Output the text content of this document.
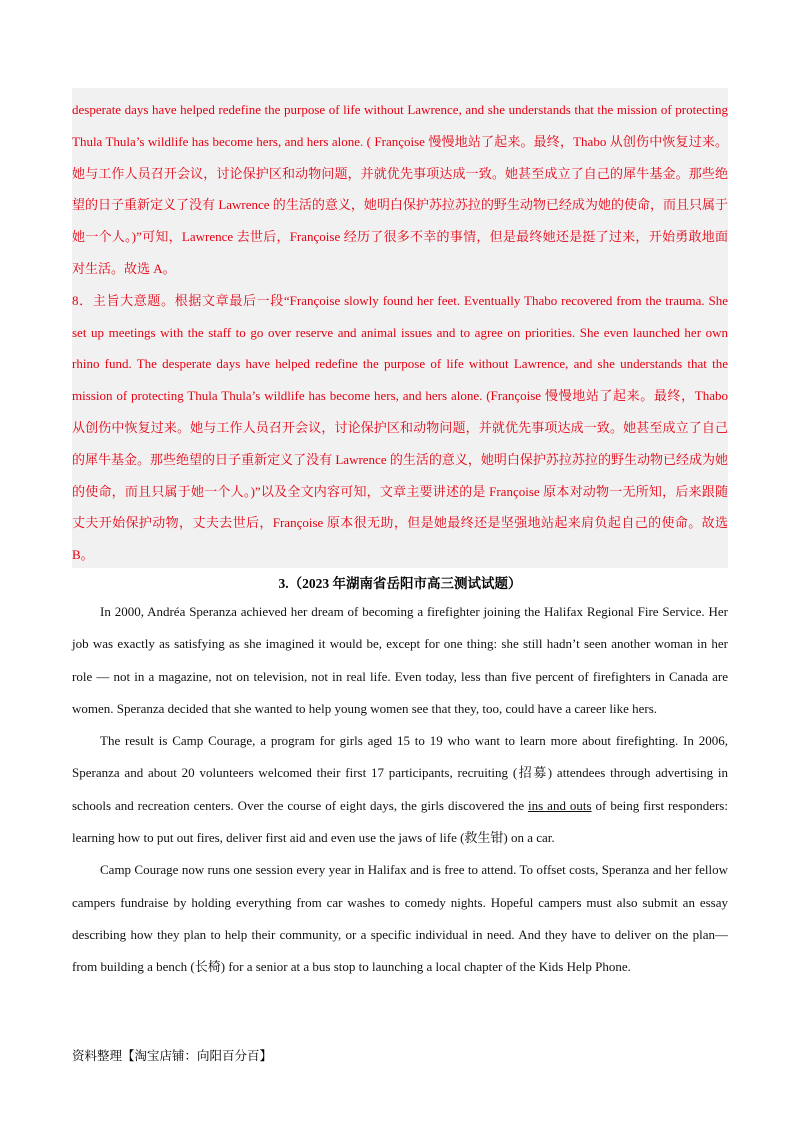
desperate days have helped redefine the purpose of life without Lawrence, and she understands that the mission of protecting Thula Thula’s wildlife has become hers, and hers alone. ( Françoise 慢慢地站了起来。最终，Thabo 从创伤中恢复过来。她与工作人员召开会议，讨论保护区和动物问题，并就优先事项达成一致。她甚至成立了自己的犀牛基金。那些绝望的日子重新定义了没有 Lawrence 的生活的意义，她明白保护苏拉苏拉的野生动物已经成为她的使命，而且只属于她一个人。)”可知，Lawrence 去世后，Françoise 经历了很多不幸的事情，但是最终她还是挺了过来，开始勇敢地面对生活。故选 A。

8．主旨大意题。根据文章最后一段“Françoise slowly found her feet. Eventually Thabo recovered from the trauma. She set up meetings with the staff to go over reserve and animal issues and to agree on priorities. She even launched her own rhino fund. The desperate days have helped redefine the purpose of life without Lawrence, and she understands that the mission of protecting Thula Thula’s wildlife has become hers, and hers alone. (Françoise 慢慢地站了起来。最终，Thabo 从创伤中恢复过来。她与工作人员召开会议，讨论保护区和动物问题，并就优先事项达成一致。她甚至成立了自己的犀牛基金。那些绝望的日子重新定义了没有 Lawrence 的生活的意义，她明白保护苏拉苏拉的野生动物已经成为她的使命，而且只属于她一个人。)”以及全文内容可知，文章主要讲述的是 Françoise 原本对动物一无所知，后来跟随丈夫开始保护动物，丈夫去世后，Françoise 原本很无助，但是她最终还是坚强地站起来肩负起自己的使命。故选 B。

3.（2023 年湖南省岳阳市高三测试试题）

In 2000, Andréa Speranza achieved her dream of becoming a firefighter joining the Halifax Regional Fire Service. Her job was exactly as satisfying as she imagined it would be, except for one thing: she still hadn’t seen another woman in her role — not in a magazine, not on television, not in real life. Even today, less than five percent of firefighters in Canada are women. Speranza decided that she wanted to help young women see that they, too, could have a career like hers.

The result is Camp Courage, a program for girls aged 15 to 19 who want to learn more about firefighting. In 2006, Speranza and about 20 volunteers welcomed their first 17 participants, recruiting (招募) attendees through advertising in schools and recreation centers. Over the course of eight days, the girls discovered the ins and outs of being first responders: learning how to put out fires, deliver first aid and even use the jaws of life (救生钳) on a car.

Camp Courage now runs one session every year in Halifax and is free to attend. To offset costs, Speranza and her fellow campers fundraise by holding everything from car washes to comedy nights. Hopeful campers must also submit an essay describing how they plan to help their community, or a specific individual in need. And they have to deliver on the plan—from building a bench (长椅) for a senior at a bus stop to launching a local chapter of the Kids Help Phone.

资料整理【淘宝店铺：向阳百分百】
